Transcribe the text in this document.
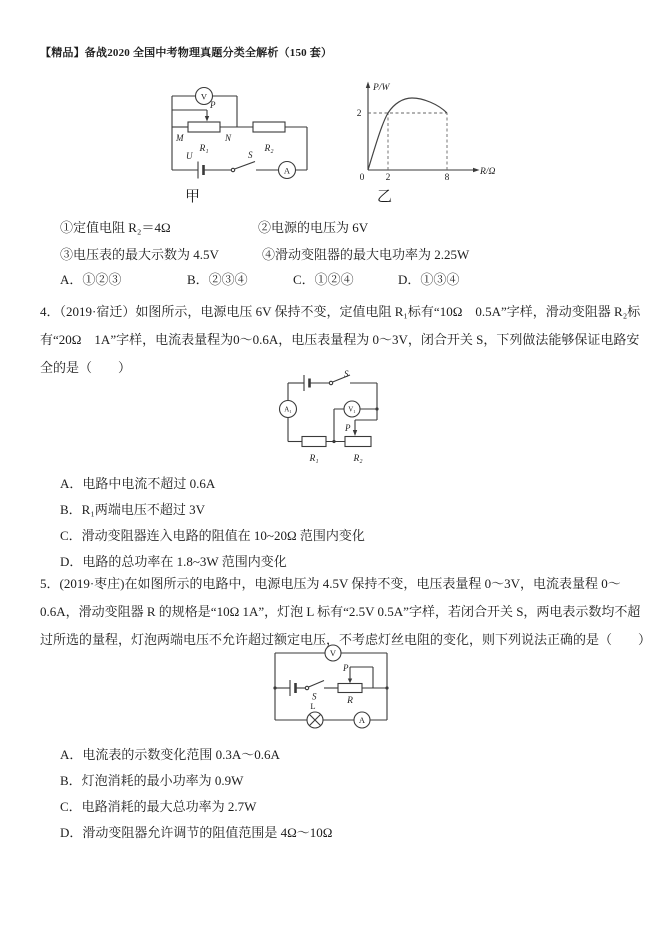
【精品】备战2020 全国中考物理真题分类全解析（150 套）
V
P
M	N
R₁	R₂
U	S
A
甲
P/W
R/Ω
0 2	8
2
乙
①定值电阻 R₂＝4Ω	②电源的电压为 6V
③电压表的最大示数为 4.5V	④滑动变阻器的最大电功率为 2.25W
A．①②③	B．②③④	C．①②④	D．①③④
4．（2019·宿迁）如图所示，电源电压 6V 保持不变，定值电阻 R₁标有“10Ω　0.5A”字样，滑动变阻器 R₂标
有“20Ω　1A”字样，电流表量程为0～0.6A，电压表量程为 0～3V，闭合开关 S，下列做法能够保证电路安
全的是（　　）	S
A₁	V₁
P
R₁	R₂
A．电路中电流不超过 0.6A
B．R₁两端电压不超过 3V
C．滑动变阻器连入电路的阻值在 10~20Ω 范围内变化
D．电路的总功率在 1.8~3W 范围内变化
5．(2019·枣庄)在如图所示的电路中，电源电压为 4.5V 保持不变，电压表量程 0～3V，电流表量程 0～
0.6A，滑动变阻器 R 的规格是“10Ω 1A”，灯泡 L 标有“2.5V 0.5A”字样，若闭合开关 S，两电表示数均不超
过所选的量程，灯泡两端电压不允许超过额定电压，不考虑灯丝电阻的变化，则下列说法正确的是（　　）
V
S
P
R
L
A
A．电流表的示数变化范围 0.3A～0.6A
B．灯泡消耗的最小功率为 0.9W
C．电路消耗的最大总功率为 2.7W
D．滑动变阻器允许调节的阻值范围是 4Ω～10Ω
